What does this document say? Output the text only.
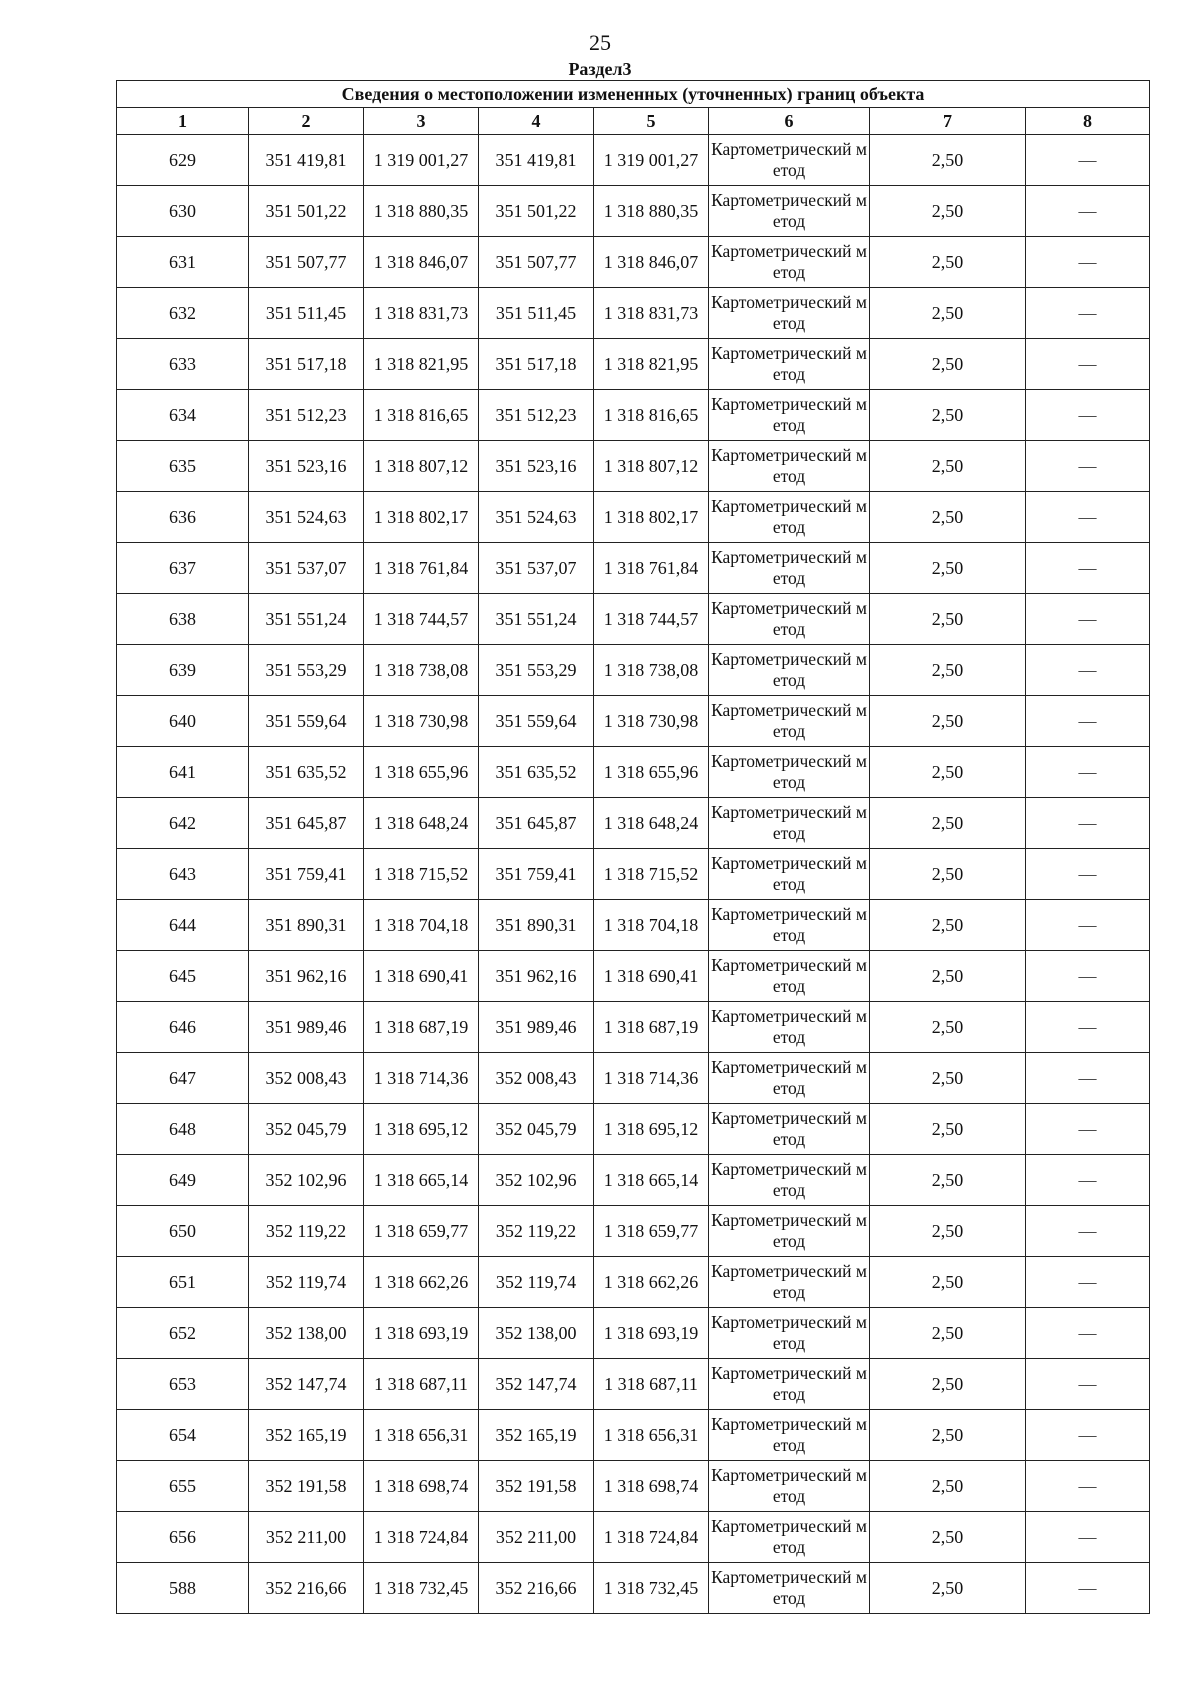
25
Раздел3
Сведения о местоположении измененных (уточненных) границ объекта							
1	2	3	4	5	6	7	8
629	351 419,81	1 319 001,27	351 419,81	1 319 001,27	Картометрический метод	2,50	—
630	351 501,22	1 318 880,35	351 501,22	1 318 880,35	Картометрический метод	2,50	—
631	351 507,77	1 318 846,07	351 507,77	1 318 846,07	Картометрический метод	2,50	—
632	351 511,45	1 318 831,73	351 511,45	1 318 831,73	Картометрический метод	2,50	—
633	351 517,18	1 318 821,95	351 517,18	1 318 821,95	Картометрический метод	2,50	—
634	351 512,23	1 318 816,65	351 512,23	1 318 816,65	Картометрический метод	2,50	—
635	351 523,16	1 318 807,12	351 523,16	1 318 807,12	Картометрический метод	2,50	—
636	351 524,63	1 318 802,17	351 524,63	1 318 802,17	Картометрический метод	2,50	—
637	351 537,07	1 318 761,84	351 537,07	1 318 761,84	Картометрический метод	2,50	—
638	351 551,24	1 318 744,57	351 551,24	1 318 744,57	Картометрический метод	2,50	—
639	351 553,29	1 318 738,08	351 553,29	1 318 738,08	Картометрический метод	2,50	—
640	351 559,64	1 318 730,98	351 559,64	1 318 730,98	Картометрический метод	2,50	—
641	351 635,52	1 318 655,96	351 635,52	1 318 655,96	Картометрический метод	2,50	—
642	351 645,87	1 318 648,24	351 645,87	1 318 648,24	Картометрический метод	2,50	—
643	351 759,41	1 318 715,52	351 759,41	1 318 715,52	Картометрический метод	2,50	—
644	351 890,31	1 318 704,18	351 890,31	1 318 704,18	Картометрический метод	2,50	—
645	351 962,16	1 318 690,41	351 962,16	1 318 690,41	Картометрический метод	2,50	—
646	351 989,46	1 318 687,19	351 989,46	1 318 687,19	Картометрический метод	2,50	—
647	352 008,43	1 318 714,36	352 008,43	1 318 714,36	Картометрический метод	2,50	—
648	352 045,79	1 318 695,12	352 045,79	1 318 695,12	Картометрический метод	2,50	—
649	352 102,96	1 318 665,14	352 102,96	1 318 665,14	Картометрический метод	2,50	—
650	352 119,22	1 318 659,77	352 119,22	1 318 659,77	Картометрический метод	2,50	—
651	352 119,74	1 318 662,26	352 119,74	1 318 662,26	Картометрический метод	2,50	—
652	352 138,00	1 318 693,19	352 138,00	1 318 693,19	Картометрический метод	2,50	—
653	352 147,74	1 318 687,11	352 147,74	1 318 687,11	Картометрический метод	2,50	—
654	352 165,19	1 318 656,31	352 165,19	1 318 656,31	Картометрический метод	2,50	—
655	352 191,58	1 318 698,74	352 191,58	1 318 698,74	Картометрический метод	2,50	—
656	352 211,00	1 318 724,84	352 211,00	1 318 724,84	Картометрический метод	2,50	—
588	352 216,66	1 318 732,45	352 216,66	1 318 732,45	Картометрический метод	2,50	—
